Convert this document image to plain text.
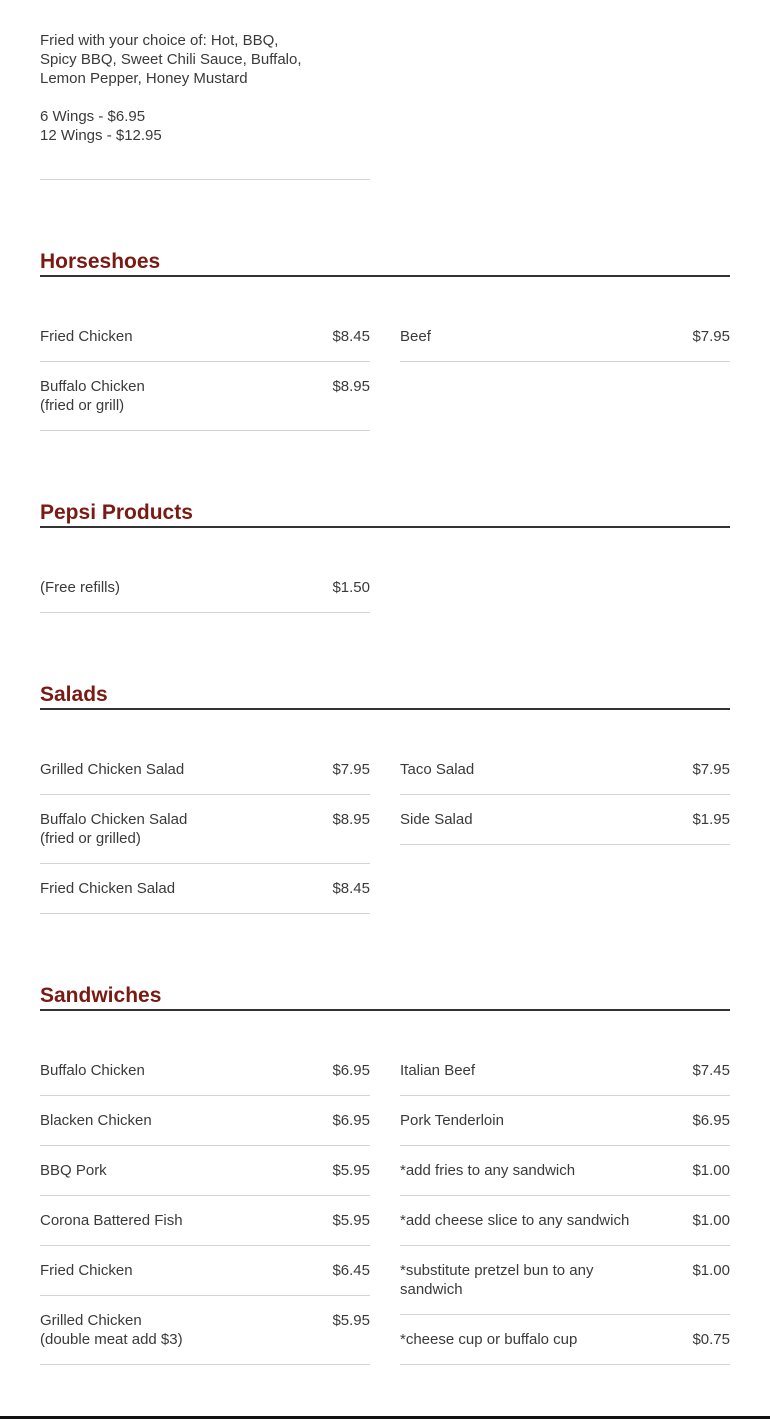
Fried with your choice of: Hot, BBQ, Spicy BBQ, Sweet Chili Sauce, Buffalo, Lemon Pepper, Honey Mustard

6 Wings - $6.95

12 Wings - $12.95

Horseshoes
Fried Chicken	$8.45
Buffalo Chicken
(fried or grill)
$8.95
Beef	$7.95
Pepsi Products
(Free refills)	$1.50
Salads
Grilled Chicken Salad	$7.95
Buffalo Chicken Salad
(fried or grilled)
$8.95
Fried Chicken Salad	$8.45
Taco Salad	$7.95
Side Salad	$1.95
Sandwiches
Buffalo Chicken	$6.95
Blacken Chicken	$6.95
BBQ Pork	$5.95
Corona Battered Fish	$5.95
Fried Chicken	$6.45
Grilled Chicken
(double meat add $3)
$5.95
Italian Beef	$7.45
Pork Tenderloin	$6.95
*add fries to any sandwich	$1.00
*add cheese slice to any sandwich	$1.00
*substitute pretzel bun to any sandwich
$1.00
*cheese cup or buffalo cup	$0.75
